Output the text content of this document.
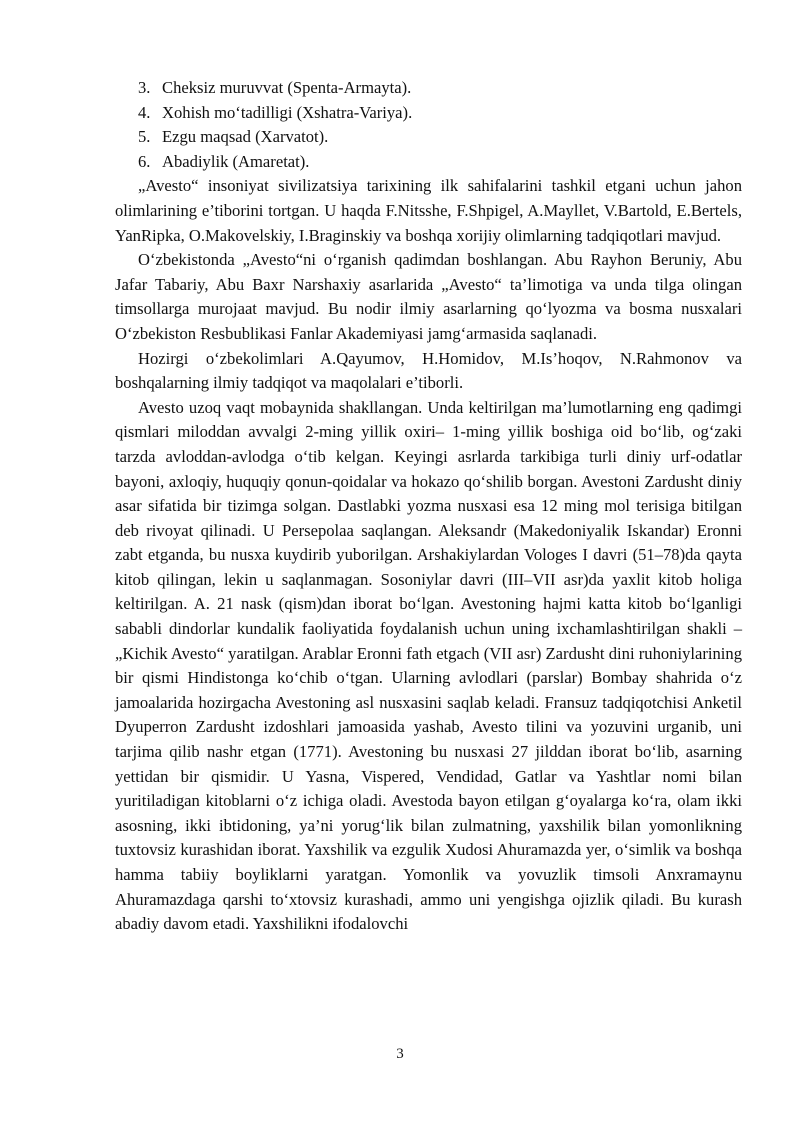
3. Cheksiz muruvvat (Spenta-Armayta).
4. Xohish mo‘tadilligi (Xshatra-Variya).
5. Ezgu maqsad (Xarvatot).
6. Abadiylik (Amaretat).

„Avesto“ insoniyat sivilizatsiya tarixining ilk sahifalarini tashkil etgani uchun jahon olimlarining e’tiborini tortgan. U haqda F.Nitsshe, F.Shpigel, A.Mayllet, V.Bartold, E.Bertels, YanRipka, O.Makovelskiy, I.Braginskiy va boshqa xorijiy olimlarning tadqiqotlari mavjud.

O‘zbekistonda „Avesto“ni o‘rganish qadimdan boshlangan. Abu Rayhon Beruniy, Abu Jafar Tabariy, Abu Baxr Narshaxiy asarlarida „Avesto“ ta’limotiga va unda tilga olingan timsollarga murojaat mavjud. Bu nodir ilmiy asarlarning qo‘lyozma va bosma nusxalari O‘zbekiston Resbublikasi Fanlar Akademiyasi jamg‘armasida saqlanadi.

Hozirgi o‘zbekolimlari A.Qayumov, H.Homidov, M.Is’hoqov, N.Rahmonov va boshqalarning ilmiy tadqiqot va maqolalari e’tiborli.

Avesto uzoq vaqt mobaynida shakllangan. Unda keltirilgan ma’lumotlarning eng qadimgi qismlari miloddan avvalgi 2-ming yillik oxiri– 1-ming yillik boshiga oid bo‘lib, og‘zaki tarzda avloddan-avlodga o‘tib kelgan. Keyingi asrlarda tarkibiga turli diniy urf-odatlar bayoni, axloqiy, huquqiy qonun-qoidalar va hokazo qo‘shilib borgan. Avestoni Zardusht diniy asar sifatida bir tizimga solgan. Dastlabki yozma nusxasi esa 12 ming mol terisiga bitilgan deb rivoyat qilinadi. U Persepolaa saqlangan. Aleksandr (Makedoniyalik Iskandar) Eronni zabt etganda, bu nusxa kuydirib yuborilgan. Arshakiylardan Vologes I davri (51–78)da qayta kitob qilingan, lekin u saqlanmagan. Sosoniylar davri (III–VII asr)da yaxlit kitob holiga keltirilgan. A. 21 nask (qism)dan iborat bo‘lgan. Avestoning hajmi katta kitob bo‘lganligi sababli dindorlar kundalik faoliyatida foydalanish uchun uning ixchamlashtirilgan shakli – „Kichik Avesto“ yaratilgan. Arablar Eronni fath etgach (VII asr) Zardusht dini ruhoniylarining bir qismi Hindistonga ko‘chib o‘tgan. Ularning avlodlari (parslar) Bombay shahrida o‘z jamoalarida hozirgacha Avestoning asl nusxasini saqlab keladi. Fransuz tadqiqotchisi Anketil Dyuperron Zardusht izdoshlari jamoasida yashab, Avesto tilini va yozuvini urganib, uni tarjima qilib nashr etgan (1771). Avestoning bu nusxasi 27 jilddan iborat bo‘lib, asarning yettidan bir qismidir. U Yasna, Vispered, Vendidad, Gatlar va Yashtlar nomi bilan yuritiladigan kitoblarni o‘z ichiga oladi. Avestoda bayon etilgan g‘oyalarga ko‘ra, olam ikki asosning, ikki ibtidoning, ya’ni yorug‘lik bilan zulmatning, yaxshilik bilan yomonlikning tuxtovsiz kurashidan iborat. Yaxshilik va ezgulik Xudosi Ahuramazda yer, o‘simlik va boshqa hamma tabiiy boyliklarni yaratgan. Yomonlik va yovuzlik timsoli Anxramaynu Ahuramazdaga qarshi to‘xtovsiz kurashadi, ammo uni yengishga ojizlik qiladi. Bu kurash abadiy davom etadi. Yaxshilikni ifodalovchi

3
